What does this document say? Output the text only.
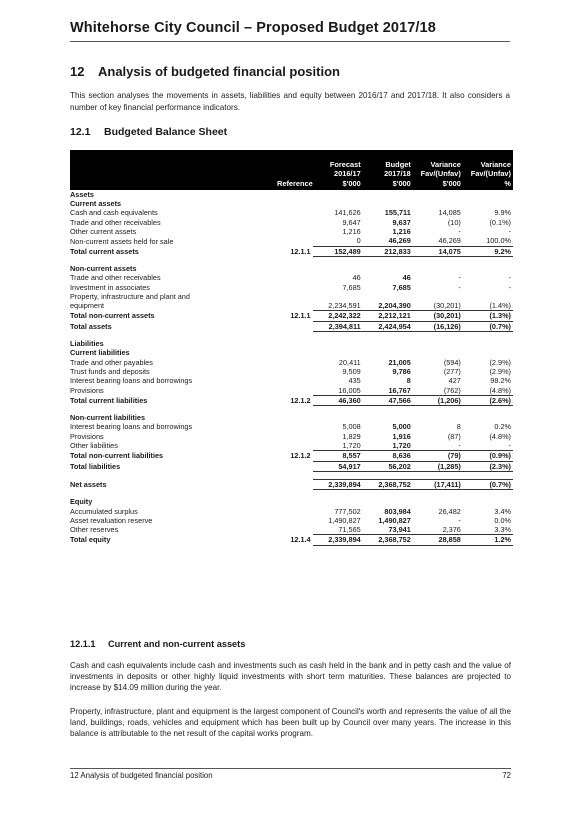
Whitehorse City Council – Proposed Budget 2017/18
12 Analysis of budgeted financial position
This section analyses the movements in assets, liabilities and equity between 2016/17 and 2017/18. It also considers a number of key financial performance indicators.
12.1 Budgeted Balance Sheet

		Forecast	Budget	Variance	Variance
		2016/17	2017/18	Fav/(Unfav)	Fav/(Unfav)
	Reference	$'000	$'000	$'000	%
Assets					
Current assets					
Cash and cash equivalents		141,626	155,711	14,085	9.9%
Trade and other receivables		9,647	9,637	(10)	(0.1%)
Other current assets		1,216	1,216	-	-
Non-current assets held for sale		0	46,269	46,269	100.0%
Total current assets	12.1.1	152,489	212,833	14,075	9.2%

Non-current assets					
Trade and other receivables		46	46	-	-
Investment in associates		7,685	7,685	-	-
Property, infrastructure and plant and					
equipment		2,234,591	2,204,390	(30,201)	(1.4%)
Total non-current assets	12.1.1	2,242,322	2,212,121	(30,201)	(1.3%)
Total assets		2,394,811	2,424,954	(16,126)	(0.7%)

Liabilities					
Current liabilities					
Trade and other payables		20,411	21,005	(594)	(2.9%)
Trust funds and deposits		9,509	9,786	(277)	(2.9%)
Interest bearing loans and borrowings		435	8	427	98.2%
Provisions		16,005	16,767	(762)	(4.8%)
Total current liabilities	12.1.2	46,360	47,566	(1,206)	(2.6%)

Non-current liabilities					
Interest bearing loans and borrowings		5,008	5,000	8	0.2%
Provisions		1,829	1,916	(87)	(4.8%)
Other liabilities		1,720	1,720	-	-
Total non-current liabilities	12.1.2	8,557	8,636	(79)	(0.9%)
Total liabilities		54,917	56,202	(1,285)	(2.3%)

Net assets		2,339,894	2,368,752	(17,411)	(0.7%)

Equity					
Accumulated surplus		777,502	803,984	26,482	3.4%
Asset revaluation reserve		1,490,827	1,490,827	-	0.0%
Other reserves		71,565	73,941	2,376	3.3%
Total equity	12.1.4	2,339,894	2,368,752	28,858	1.2%
12.1.1 Current and non-current assets
Cash and cash equivalents include cash and investments such as cash held in the bank and in petty cash and the value of investments in deposits or other highly liquid investments with short term maturities. These balances are projected to increase by $14.09 million during the year.
Property, infrastructure, plant and equipment is the largest component of Council's worth and represents the value of all the land, buildings, roads, vehicles and equipment which has been built up by Council over many years. The increase in this balance is attributable to the net result of the capital works program.
12 Analysis of budgeted financial position	72
